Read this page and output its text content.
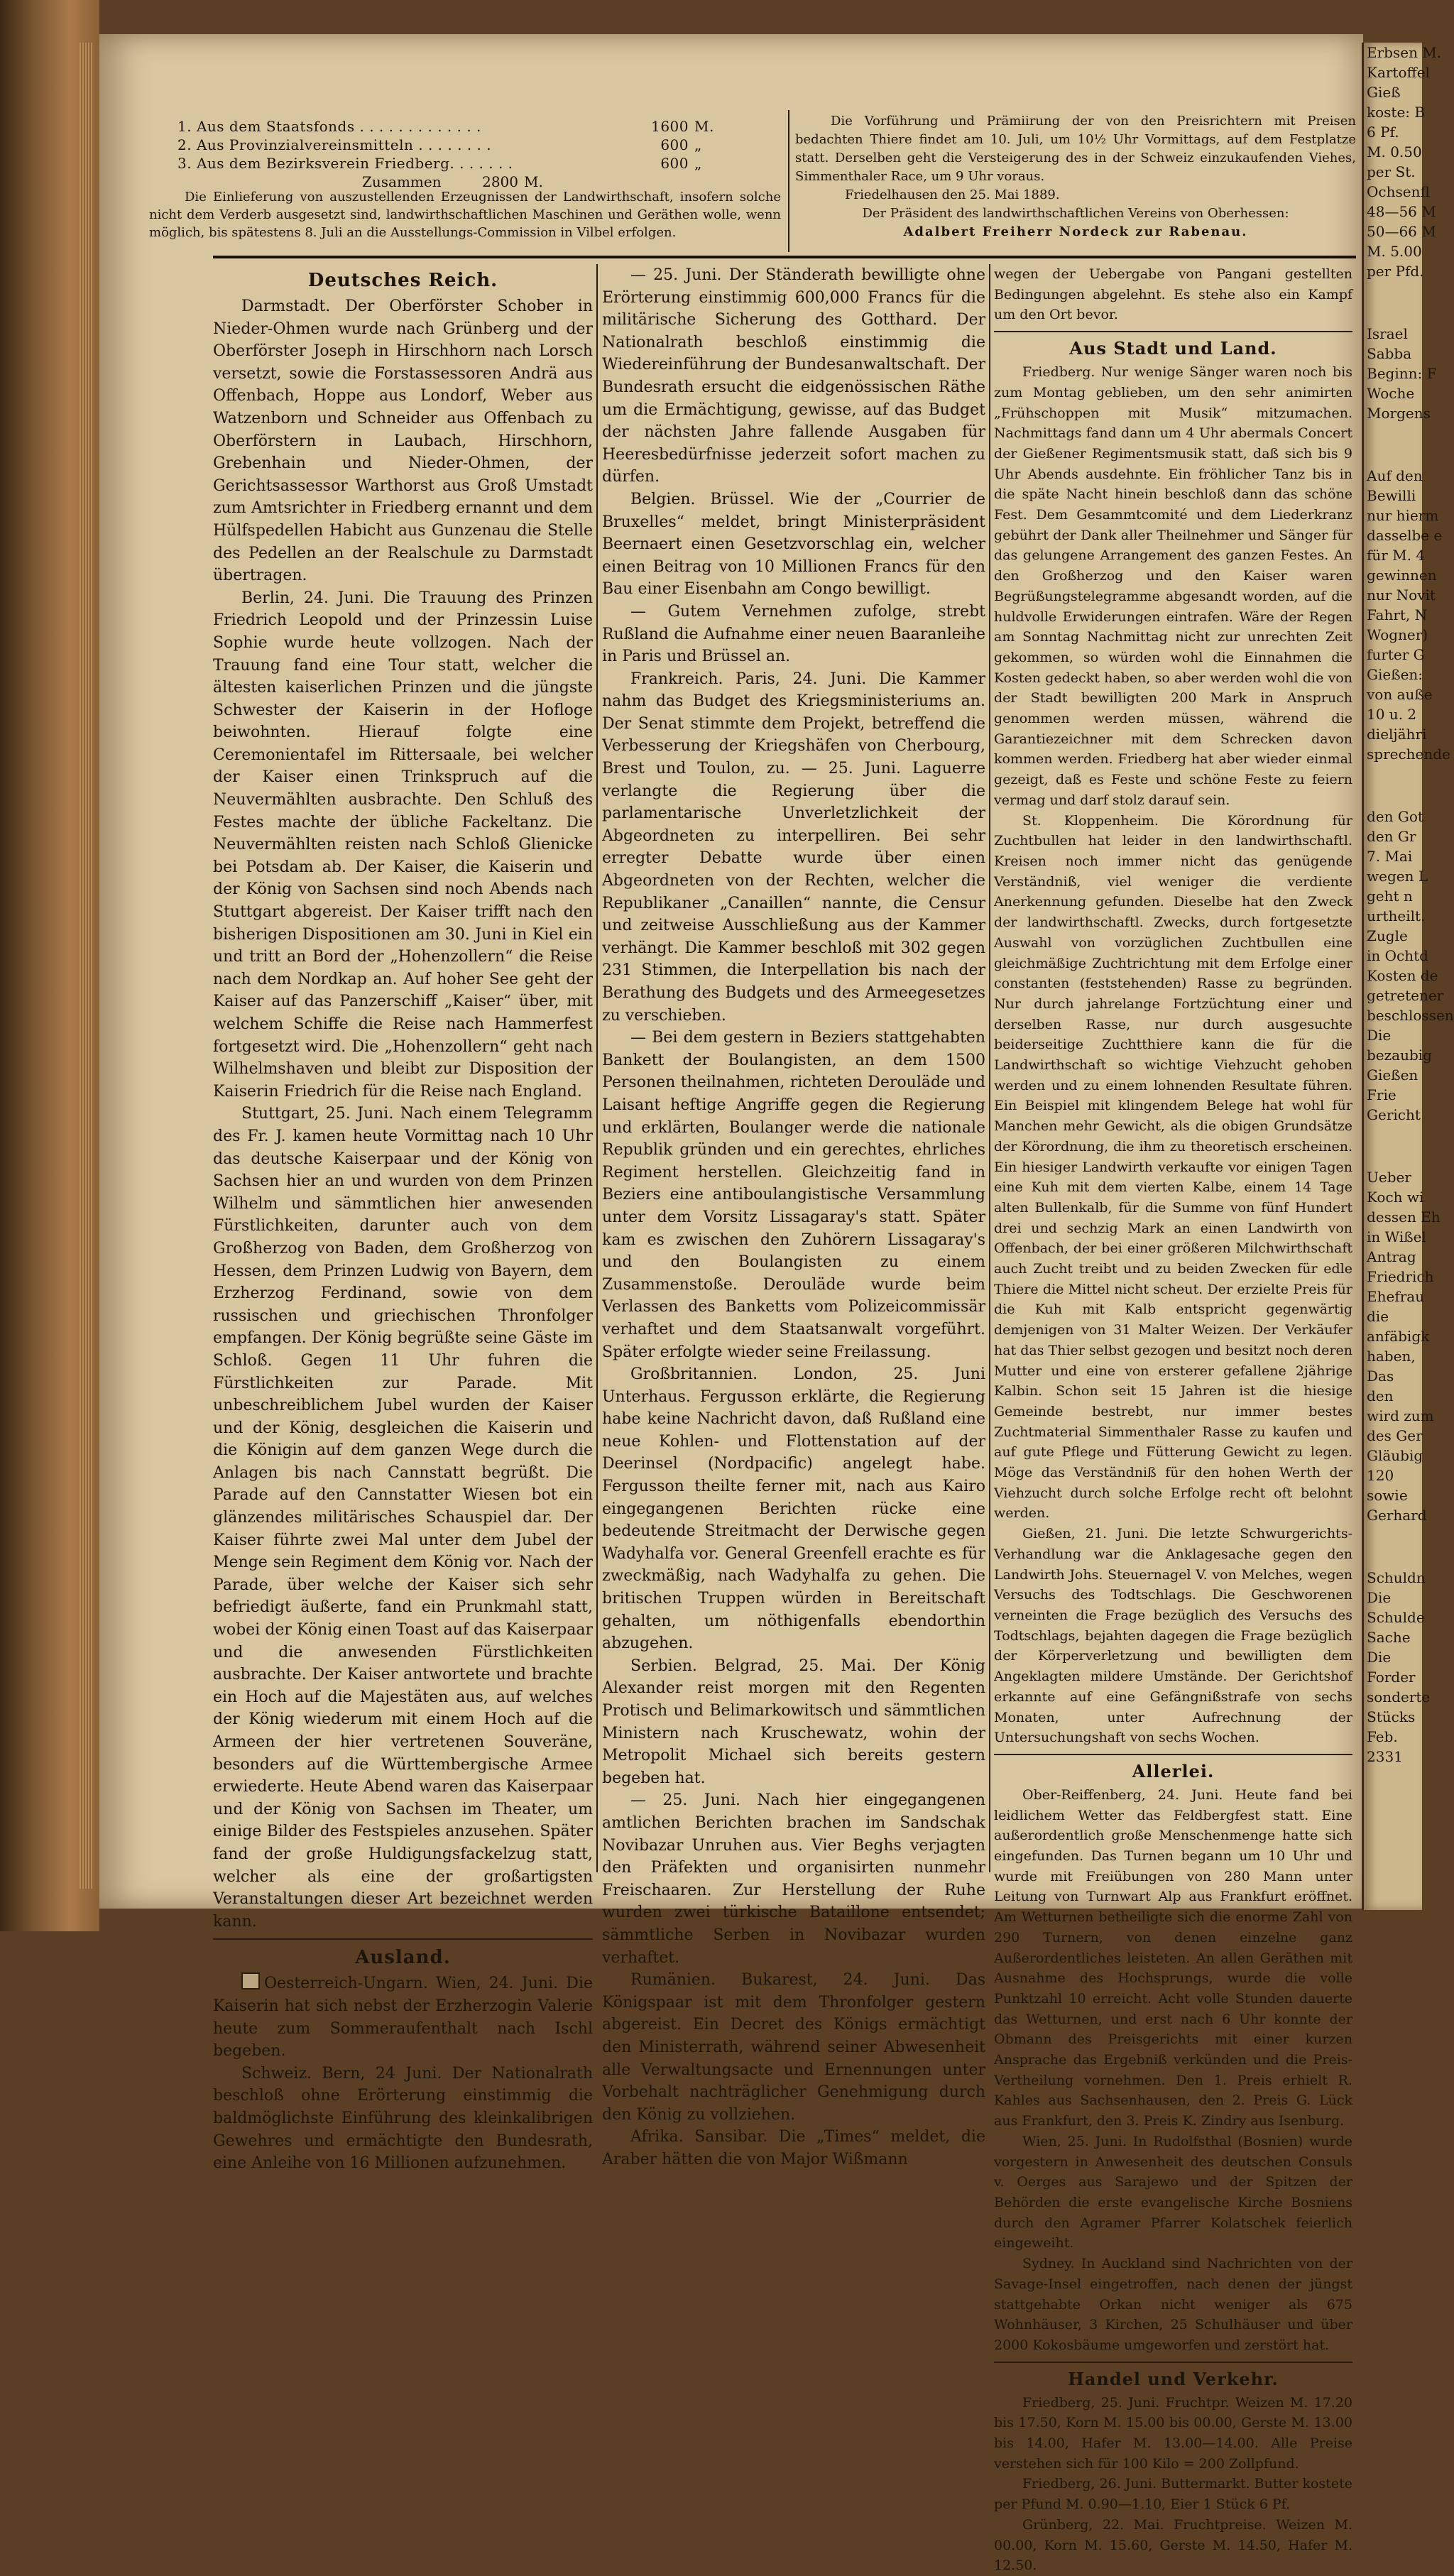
1. Aus dem Staatsfonds . . . . . . . . . . . . .	1600 M.
2. Aus Provinzialvereinsmitteln . . . . . . . .	600 „
3. Aus dem Bezirksverein Friedberg. . . . . . .	600 „
Zusammen	2800 M.
Die Einlieferung von auszustellenden Erzeugnissen der Landwirthschaft, insofern solche nicht dem Verderb ausgesetzt sind, landwirthschaftlichen Maschinen und Geräthen wolle, wenn möglich, bis spätestens 8. Juli an die Ausstellungs-Commission in Vilbel erfolgen.
Die Vorführung und Prämiirung der von den Preisrichtern mit Preisen bedachten Thiere findet am 10. Juli, um 10½ Uhr Vormittags, auf dem Festplatze statt. Derselben geht die Versteigerung des in der Schweiz einzukaufenden Viehes, Simmenthaler Race, um 9 Uhr voraus.
Friedelhausen den 25. Mai 1889.
Der Präsident des landwirthschaftlichen Vereins von Oberhessen:
Adalbert Freiherr Nordeck zur Rabenau.
Deutsches Reich.

Darmstadt. Der Oberförster Schober in Nieder-Ohmen wurde nach Grünberg und der Oberförster Joseph in Hirschhorn nach Lorsch versetzt, sowie die Forstassessoren Andrä aus Offenbach, Hoppe aus Londorf, Weber aus Watzenborn und Schneider aus Offenbach zu Oberförstern in Laubach, Hirschhorn, Grebenhain und Nieder-Ohmen, der Gerichtsassessor Warthorst aus Groß Umstadt zum Amtsrichter in Friedberg ernannt und dem Hülfspedellen Habicht aus Gunzenau die Stelle des Pedellen an der Realschule zu Darmstadt übertragen.

Berlin, 24. Juni. Die Trauung des Prinzen Friedrich Leopold und der Prinzessin Luise Sophie wurde heute vollzogen. Nach der Trauung fand eine Tour statt, welcher die ältesten kaiserlichen Prinzen und die jüngste Schwester der Kaiserin in der Hofloge beiwohnten. Hierauf folgte eine Ceremonientafel im Rittersaale, bei welcher der Kaiser einen Trinkspruch auf die Neuvermählten ausbrachte. Den Schluß des Festes machte der übliche Fackeltanz. Die Neuvermählten reisten nach Schloß Glienicke bei Potsdam ab. Der Kaiser, die Kaiserin und der König von Sachsen sind noch Abends nach Stuttgart abgereist. Der Kaiser trifft nach den bisherigen Dispositionen am 30. Juni in Kiel ein und tritt an Bord der „Hohenzollern“ die Reise nach dem Nordkap an. Auf hoher See geht der Kaiser auf das Panzerschiff „Kaiser“ über, mit welchem Schiffe die Reise nach Hammerfest fortgesetzt wird. Die „Hohenzollern“ geht nach Wilhelmshaven und bleibt zur Disposition der Kaiserin Friedrich für die Reise nach England.

Stuttgart, 25. Juni. Nach einem Telegramm des Fr. J. kamen heute Vormittag nach 10 Uhr das deutsche Kaiserpaar und der König von Sachsen hier an und wurden von dem Prinzen Wilhelm und sämmtlichen hier anwesenden Fürstlichkeiten, darunter auch von dem Großherzog von Baden, dem Großherzog von Hessen, dem Prinzen Ludwig von Bayern, dem Erzherzog Ferdinand, sowie von dem russischen und griechischen Thronfolger empfangen. Der König begrüßte seine Gäste im Schloß. Gegen 11 Uhr fuhren die Fürstlichkeiten zur Parade. Mit unbeschreiblichem Jubel wurden der Kaiser und der König, desgleichen die Kaiserin und die Königin auf dem ganzen Wege durch die Anlagen bis nach Cannstatt begrüßt. Die Parade auf den Cannstatter Wiesen bot ein glänzendes militärisches Schauspiel dar. Der Kaiser führte zwei Mal unter dem Jubel der Menge sein Regiment dem König vor. Nach der Parade, über welche der Kaiser sich sehr befriedigt äußerte, fand ein Prunkmahl statt, wobei der König einen Toast auf das Kaiserpaar und die anwesenden Fürstlichkeiten ausbrachte. Der Kaiser antwortete und brachte ein Hoch auf die Majestäten aus, auf welches der König wiederum mit einem Hoch auf die Armeen der hier vertretenen Souveräne, besonders auf die Württembergische Armee erwiederte. Heute Abend waren das Kaiserpaar und der König von Sachsen im Theater, um einige Bilder des Festspieles anzusehen. Später fand der große Huldigungsfackelzug statt, welcher als eine der großartigsten Veranstaltungen dieser Art bezeichnet werden kann.

Ausland.

Oesterreich-Ungarn. Wien, 24. Juni. Die Kaiserin hat sich nebst der Erzherzogin Valerie heute zum Sommeraufenthalt nach Ischl begeben.

Schweiz. Bern, 24 Juni. Der Nationalrath beschloß ohne Erörterung einstimmig die baldmöglichste Einführung des kleinkalibrigen Gewehres und ermächtigte den Bundesrath, eine Anleihe von 16 Millionen aufzunehmen.

— 25. Juni. Der Ständerath bewilligte ohne Erörterung einstimmig 600,000 Francs für die militärische Sicherung des Gotthard. Der Nationalrath beschloß einstimmig die Wiedereinführung der Bundesanwaltschaft. Der Bundesrath ersucht die eidgenössischen Räthe um die Ermächtigung, gewisse, auf das Budget der nächsten Jahre fallende Ausgaben für Heeresbedürfnisse jederzeit sofort machen zu dürfen.

Belgien. Brüssel. Wie der „Courrier de Bruxelles“ meldet, bringt Ministerpräsident Beernaert einen Gesetzvorschlag ein, welcher einen Beitrag von 10 Millionen Francs für den Bau einer Eisenbahn am Congo bewilligt.

— Gutem Vernehmen zufolge, strebt Rußland die Aufnahme einer neuen Baaranleihe in Paris und Brüssel an.

Frankreich. Paris, 24. Juni. Die Kammer nahm das Budget des Kriegsministeriums an. Der Senat stimmte dem Projekt, betreffend die Verbesserung der Kriegshäfen von Cherbourg, Brest und Toulon, zu. — 25. Juni. Laguerre verlangte die Regierung über die parlamentarische Unverletzlichkeit der Abgeordneten zu interpelliren. Bei sehr erregter Debatte wurde über einen Abgeordneten von der Rechten, welcher die Republikaner „Canaillen“ nannte, die Censur und zeitweise Ausschließung aus der Kammer verhängt. Die Kammer beschloß mit 302 gegen 231 Stimmen, die Interpellation bis nach der Berathung des Budgets und des Armeegesetzes zu verschieben.

— Bei dem gestern in Beziers stattgehabten Bankett der Boulangisten, an dem 1500 Personen theilnahmen, richteten Derouläde und Laisant heftige Angriffe gegen die Regierung und erklärten, Boulanger werde die nationale Republik gründen und ein gerechtes, ehrliches Regiment herstellen. Gleichzeitig fand in Beziers eine antiboulangistische Versammlung unter dem Vorsitz Lissagaray's statt. Später kam es zwischen den Zuhörern Lissagaray's und den Boulangisten zu einem Zusammenstoße. Derouläde wurde beim Verlassen des Banketts vom Polizeicommissär verhaftet und dem Staatsanwalt vorgeführt. Später erfolgte wieder seine Freilassung.

Großbritannien. London, 25. Juni Unterhaus. Fergusson erklärte, die Regierung habe keine Nachricht davon, daß Rußland eine neue Kohlen- und Flottenstation auf der Deerinsel (Nordpacific) angelegt habe. Fergusson theilte ferner mit, nach aus Kairo eingegangenen Berichten rücke eine bedeutende Streitmacht der Derwische gegen Wadyhalfa vor. General Greenfell erachte es für zweckmäßig, nach Wadyhalfa zu gehen. Die britischen Truppen würden in Bereitschaft gehalten, um nöthigenfalls ebendorthin abzugehen.

Serbien. Belgrad, 25. Mai. Der König Alexander reist morgen mit den Regenten Protisch und Belimarkowitsch und sämmtlichen Ministern nach Kruschewatz, wohin der Metropolit Michael sich bereits gestern begeben hat.

— 25. Juni. Nach hier eingegangenen amtlichen Berichten brachen im Sandschak Novibazar Unruhen aus. Vier Beghs verjagten den Präfekten und organisirten nunmehr Freischaaren. Zur Herstellung der Ruhe wurden zwei türkische Bataillone entsendet; sämmtliche Serben in Novibazar wurden verhaftet.

Rumänien. Bukarest, 24. Juni. Das Königspaar ist mit dem Thronfolger gestern abgereist. Ein Decret des Königs ermächtigt den Ministerrath, während seiner Abwesenheit alle Verwaltungsacte und Ernennungen unter Vorbehalt nachträglicher Genehmigung durch den König zu vollziehen.

Afrika. Sansibar. Die „Times“ meldet, die Araber hätten die von Major Wißmann

wegen der Uebergabe von Pangani gestellten Bedingungen abgelehnt. Es stehe also ein Kampf um den Ort bevor.

Aus Stadt und Land.

Friedberg. Nur wenige Sänger waren noch bis zum Montag geblieben, um den sehr animirten „Frühschoppen mit Musik“ mitzumachen. Nachmittags fand dann um 4 Uhr abermals Concert der Gießener Regimentsmusik statt, daß sich bis 9 Uhr Abends ausdehnte. Ein fröhlicher Tanz bis in die späte Nacht hinein beschloß dann das schöne Fest. Dem Gesammtcomité und dem Liederkranz gebührt der Dank aller Theilnehmer und Sänger für das gelungene Arrangement des ganzen Festes. An den Großherzog und den Kaiser waren Begrüßungstelegramme abgesandt worden, auf die huldvolle Erwiderungen eintrafen. Wäre der Regen am Sonntag Nachmittag nicht zur unrechten Zeit gekommen, so würden wohl die Einnahmen die Kosten gedeckt haben, so aber werden wohl die von der Stadt bewilligten 200 Mark in Anspruch genommen werden müssen, während die Garantiezeichner mit dem Schrecken davon kommen werden. Friedberg hat aber wieder einmal gezeigt, daß es Feste und schöne Feste zu feiern vermag und darf stolz darauf sein.

St. Kloppenheim. Die Körordnung für Zuchtbullen hat leider in den landwirthschaftl. Kreisen noch immer nicht das genügende Verständniß, viel weniger die verdiente Anerkennung gefunden. Dieselbe hat den Zweck der landwirthschaftl. Zwecks, durch fortgesetzte Auswahl von vorzüglichen Zuchtbullen eine gleichmäßige Zuchtrichtung mit dem Erfolge einer constanten (feststehenden) Rasse zu begründen. Nur durch jahrelange Fortzüchtung einer und derselben Rasse, nur durch ausgesuchte beiderseitige Zuchtthiere kann die für die Landwirthschaft so wichtige Viehzucht gehoben werden und zu einem lohnenden Resultate führen. Ein Beispiel mit klingendem Belege hat wohl für Manchen mehr Gewicht, als die obigen Grundsätze der Körordnung, die ihm zu theoretisch erscheinen. Ein hiesiger Landwirth verkaufte vor einigen Tagen eine Kuh mit dem vierten Kalbe, einem 14 Tage alten Bullenkalb, für die Summe von fünf Hundert drei und sechzig Mark an einen Landwirth von Offenbach, der bei einer größeren Milchwirthschaft auch Zucht treibt und zu beiden Zwecken für edle Thiere die Mittel nicht scheut. Der erzielte Preis für die Kuh mit Kalb entspricht gegenwärtig demjenigen von 31 Malter Weizen. Der Verkäufer hat das Thier selbst gezogen und besitzt noch deren Mutter und eine von ersterer gefallene 2jährige Kalbin. Schon seit 15 Jahren ist die hiesige Gemeinde bestrebt, nur immer bestes Zuchtmaterial Simmenthaler Rasse zu kaufen und auf gute Pflege und Fütterung Gewicht zu legen. Möge das Verständniß für den hohen Werth der Viehzucht durch solche Erfolge recht oft belohnt werden.

Gießen, 21. Juni. Die letzte Schwurgerichts-Verhandlung war die Anklagesache gegen den Landwirth Johs. Steuernagel V. von Melches, wegen Versuchs des Todtschlags. Die Geschworenen verneinten die Frage bezüglich des Versuchs des Todtschlags, bejahten dagegen die Frage bezüglich der Körperverletzung und bewilligten dem Angeklagten mildere Umstände. Der Gerichtshof erkannte auf eine Gefängnißstrafe von sechs Monaten, unter Aufrechnung der Untersuchungshaft von sechs Wochen.

Allerlei.

Ober-Reiffenberg, 24. Juni. Heute fand bei leidlichem Wetter das Feldbergfest statt. Eine außerordentlich große Menschenmenge hatte sich eingefunden. Das Turnen begann um 10 Uhr und wurde mit Freiübungen von 280 Mann unter Leitung von Turnwart Alp aus Frankfurt eröffnet. Am Wetturnen betheiligte sich die enorme Zahl von 290 Turnern, von denen einzelne ganz Außerordentliches leisteten. An allen Geräthen mit Ausnahme des Hochsprungs, wurde die volle Punktzahl 10 erreicht. Acht volle Stunden dauerte das Wetturnen, und erst nach 6 Uhr konnte der Obmann des Preisgerichts mit einer kurzen Ansprache das Ergebniß verkünden und die Preis-Vertheilung vornehmen. Den 1. Preis erhielt R. Kahles aus Sachsenhausen, den 2. Preis G. Lück aus Frankfurt, den 3. Preis K. Zindry aus Isenburg.

Wien, 25. Juni. In Rudolfsthal (Bosnien) wurde vorgestern in Anwesenheit des deutschen Consuls v. Oerges aus Sarajewo und der Spitzen der Behörden die erste evangelische Kirche Bosniens durch den Agramer Pfarrer Kolatschek feierlich eingeweiht.

Sydney. In Auckland sind Nachrichten von der Savage-Insel eingetroffen, nach denen der jüngst stattgehabte Orkan nicht weniger als 675 Wohnhäuser, 3 Kirchen, 25 Schulhäuser und über 2000 Kokosbäume umgeworfen und zerstört hat.

Handel und Verkehr.

Friedberg, 25. Juni. Fruchtpr. Weizen M. 17.20 bis 17.50, Korn M. 15.00 bis 00.00, Gerste M. 13.00 bis 14.00, Hafer M. 13.00—14.00. Alle Preise verstehen sich für 100 Kilo = 200 Zollpfund.

Friedberg, 26. Juni. Buttermarkt. Butter kostete per Pfund M. 0.90—1.10, Eier 1 Stück 6 Pf.

Grünberg, 22. Mai. Fruchtpreise. Weizen M. 00.00, Korn M. 15.60, Gerste M. 14.50, Hafer M. 12.50.

Erbsen M.
Kartoffel
Gieß
koste: B
6 Pf.
M. 0.50
per St.
Ochsenfl
48—56 M
50—66 M
M. 5.00
per Pfd.
Israel
Sabba
Beginn: F
Woche
Morgens
Auf den
Bewilli
nur hierm
dasselbe e
für M. 4
gewinnen
nur Novit
Fahrt, N
Wogner)
furter G
Gießen:
von auße
10 u. 2
dieljähri
sprechende
den Got
den Gr
7. Mai
wegen L
geht n
urtheilt.
Zugle
in Ochtd
Kosten de
getretener
beschlossen
Die
bezaubig
Gießen
Frie
Gericht
Ueber
Koch wi
dessen Eh
in Wißel
Antrag
Friedrich
Ehefrau
die
anfäbigk
haben,
Das
den
wird zum
des Ger
Gläubig
120
sowie
Gerhard
Schuldn
Die
Schulde
Sache
Die
Forder
sonderte
Stücks
Feb.
2331
